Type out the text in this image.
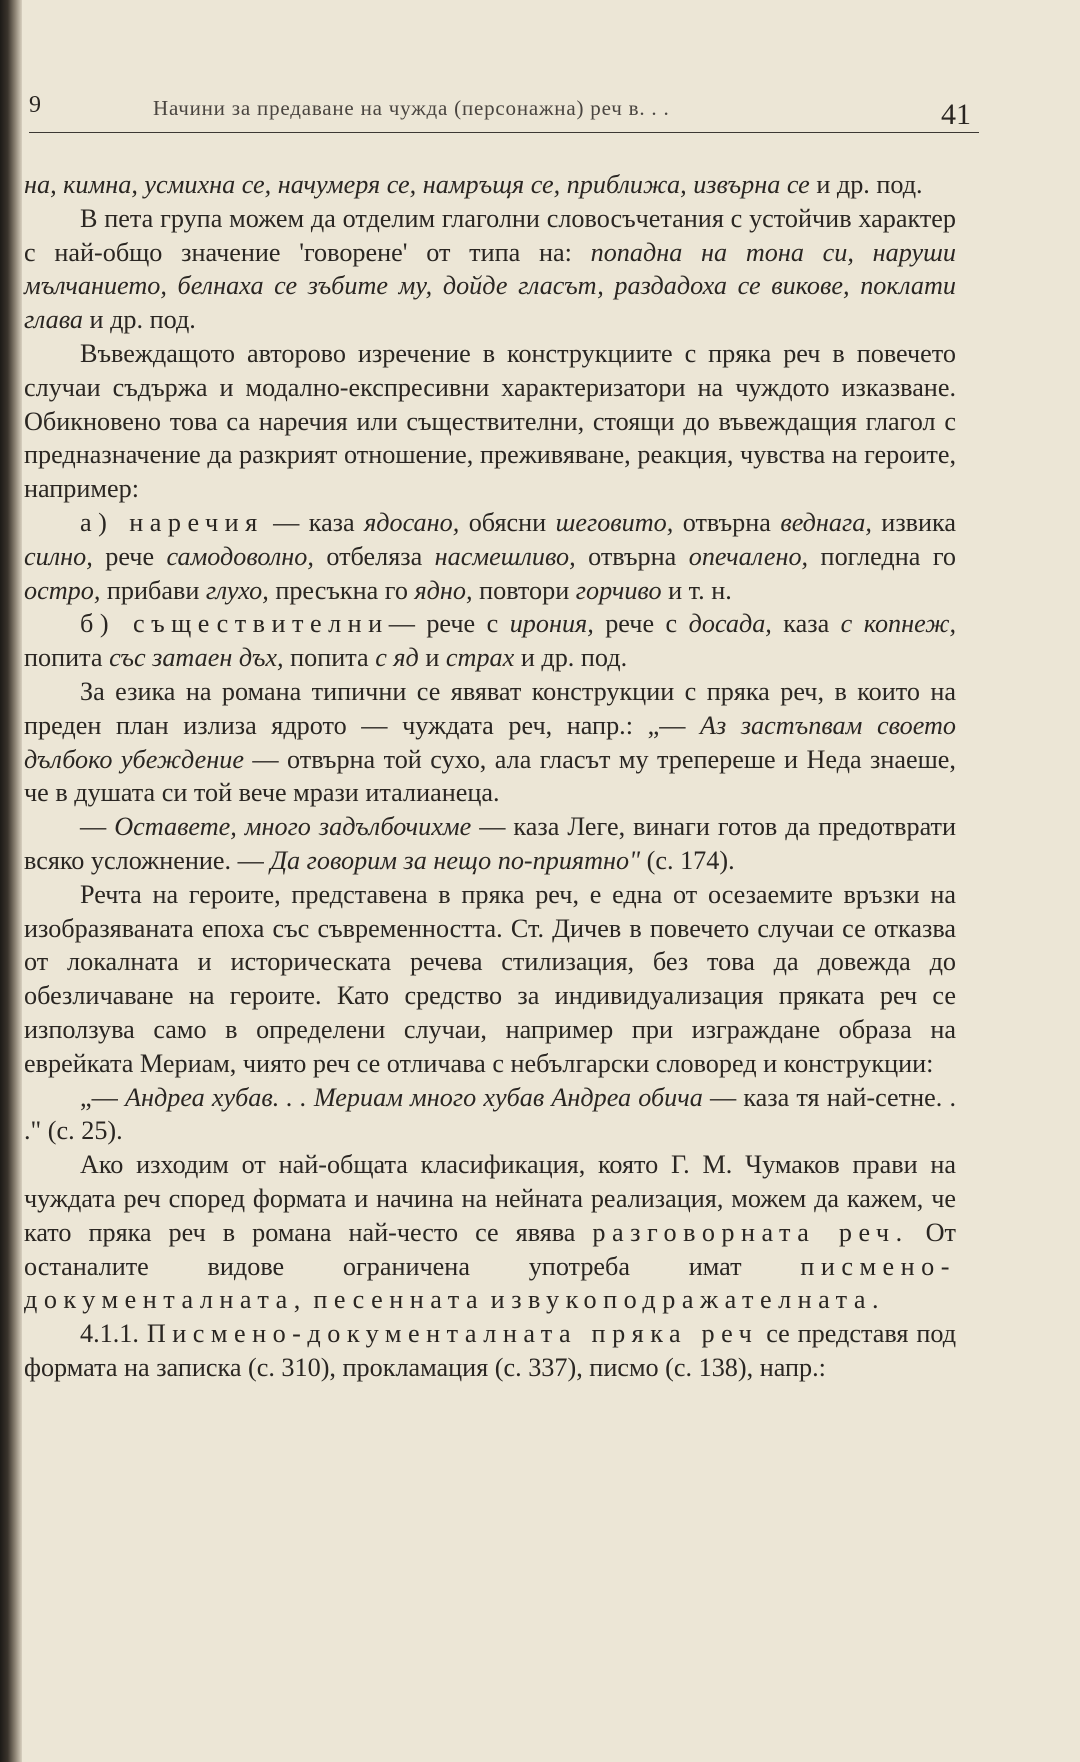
9	Начини за предаване на чужда (персонажна) реч в. . .	41

на, кимна, усмихна се, начумеря се, намръщя се, приближа, извърна се и др. под.

В пета група можем да отделим глаголни словосъчетания с устойчив характер с най-общо значение 'говорене' от типа на: попадна на тона си, наруши мълчанието, белнаха се зъбите му, дойде гласът, раздадоха се викове, поклати глава и др. под.

Въвеждащото авторово изречение в конструкциите с пряка реч в повечето случаи съдържа и модално-експресивни характеризатори на чуждото изказване. Обикновено това са наречия или съществителни, стоящи до въвеждащия глагол с предназначение да разкрият отношение, преживяване, реакция, чувства на героите, например:

а) наречия — каза ядосано, обясни шеговито, отвърна веднага, извика силно, рече самодоволно, отбеляза насмешливо, отвърна опечалено, погледна го остро, прибави глухо, пресъкна го ядно, повтори горчиво и т. н.

б) съществителни— рече с ирония, рече с досада, каза с копнеж, попита със затаен дъх, попита с яд и страх и др. под.

За езика на романа типични се явяват конструкции с пряка реч, в които на преден план излиза ядрото — чуждата реч, напр.: „— Аз застъпвам своето дълбоко убеждение — отвърна той сухо, ала гласът му трепереше и Неда знаеше, че в душата си той вече мрази италианеца.

— Оставете, много задълбочихме — каза Леге, винаги готов да предотврати всяко усложнение. — Да говорим за нещо по-приятно" (с. 174).

Речта на героите, представена в пряка реч, е една от осезаемите връзки на изобразяваната епоха със съвременността. Ст. Дичев в повечето случаи се отказва от локалната и историческата речева стилизация, без това да довежда до обезличаване на героите. Като средство за индивидуализация пряката реч се използува само в определени случаи, например при изграждане образа на еврейката Мериам, чиято реч се отличава с небългарски словоред и конструкции:

„— Андреа хубав. . . Мериам много хубав Андреа обича — каза тя най-сетне. . ." (с. 25).

Ако изходим от най-общата класификация, която Г. М. Чумаков прави на чуждата реч според формата и начина на нейната реализация, можем да кажем, че като пряка реч в романа най-често се явява разговорната реч. От останалите видове ограничена употреба имат писмено-документалната, песенната и звукоподражателната.

4.1.1. Писмено-документалната пряка реч се представя под формата на записка (с. 310), прокламация (с. 337), писмо (с. 138), напр.:
